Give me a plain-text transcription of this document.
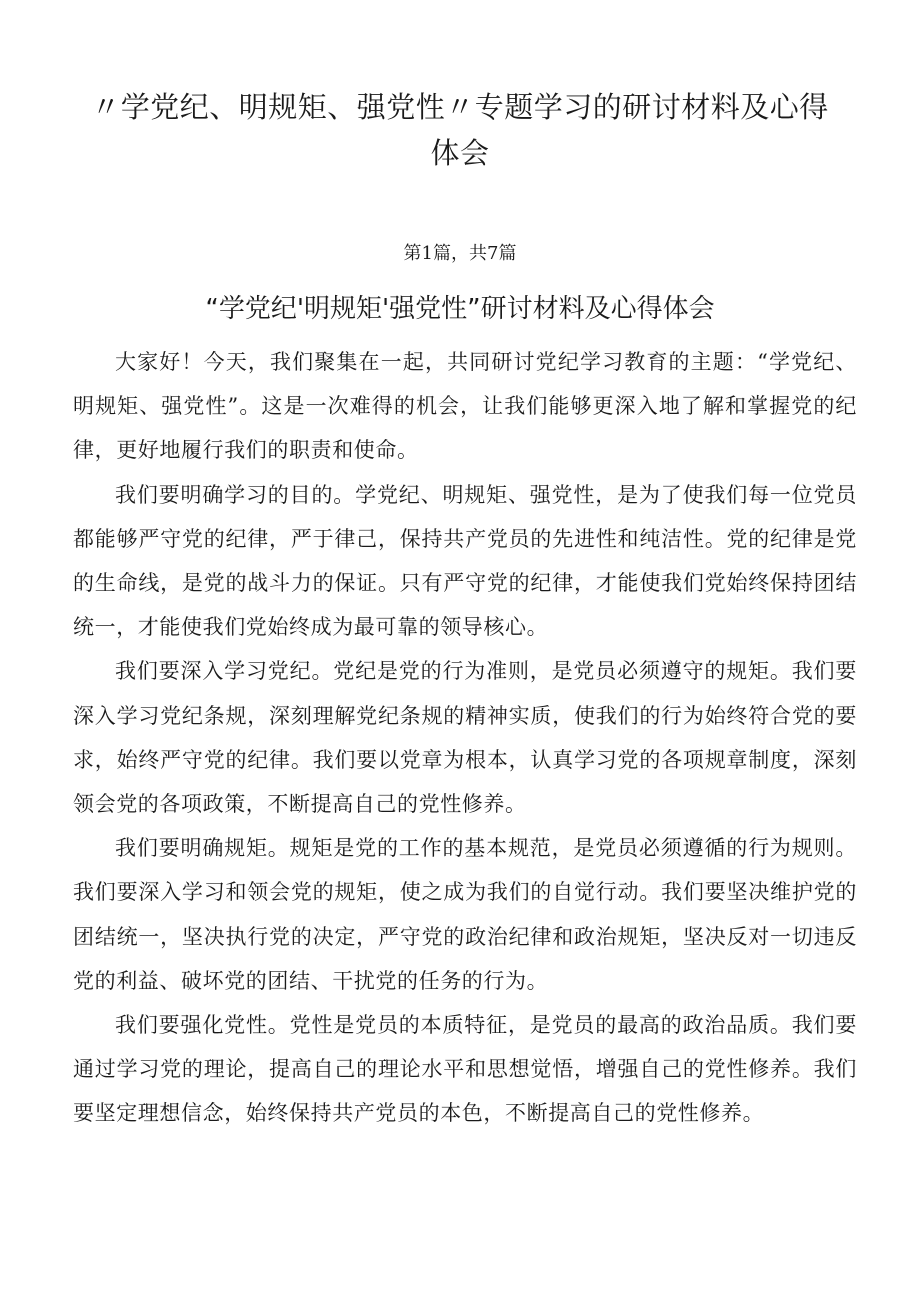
〃学党纪、明规矩、强党性〃专题学习的研讨材料及心得体会
第1篇，共7篇
“学党纪'明规矩'强党性”研讨材料及心得体会

大家好！今天，我们聚集在一起，共同研讨党纪学习教育的主题：“学党纪、明规矩、强党性”。这是一次难得的机会，让我们能够更深入地了解和掌握党的纪律，更好地履行我们的职责和使命。

我们要明确学习的目的。学党纪、明规矩、强党性，是为了使我们每一位党员都能够严守党的纪律，严于律己，保持共产党员的先进性和纯洁性。党的纪律是党的生命线，是党的战斗力的保证。只有严守党的纪律，才能使我们党始终保持团结统一，才能使我们党始终成为最可靠的领导核心。

我们要深入学习党纪。党纪是党的行为准则，是党员必须遵守的规矩。我们要深入学习党纪条规，深刻理解党纪条规的精神实质，使我们的行为始终符合党的要求，始终严守党的纪律。我们要以党章为根本，认真学习党的各项规章制度，深刻领会党的各项政策，不断提高自己的党性修养。

我们要明确规矩。规矩是党的工作的基本规范，是党员必须遵循的行为规则。我们要深入学习和领会党的规矩，使之成为我们的自觉行动。我们要坚决维护党的团结统一，坚决执行党的决定，严守党的政治纪律和政治规矩，坚决反对一切违反党的利益、破坏党的团结、干扰党的任务的行为。

我们要强化党性。党性是党员的本质特征，是党员的最高的政治品质。我们要通过学习党的理论，提高自己的理论水平和思想觉悟，增强自己的党性修养。我们要坚定理想信念，始终保持共产党员的本色，不断提高自己的党性修养。
